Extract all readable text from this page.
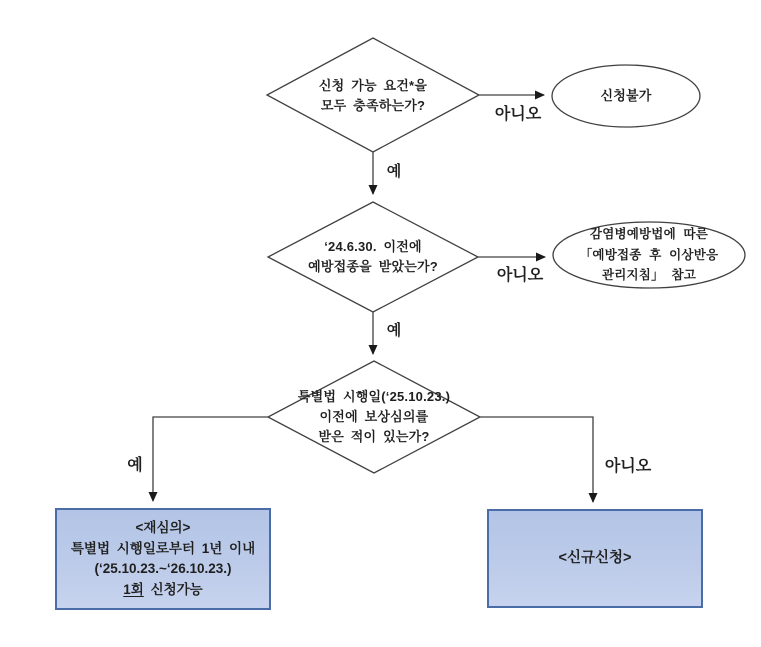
신청 가능 요건*을
모두 충족하는가?
신청불가
아니오
예
‘24.6.30. 이전에
예방접종을 받았는가?
감염병예방법에 따른
「예방접종 후 이상반응
관리지침」 참고
아니오
예
특별법 시행일(‘25.10.23.)
이전에 보상심의를
받은 적이 있는가?
예	아니오
<재심의>
특별법 시행일로부터 1년 이내
(‘25.10.23.~‘26.10.23.)
1회 신청가능
<신규신청>
